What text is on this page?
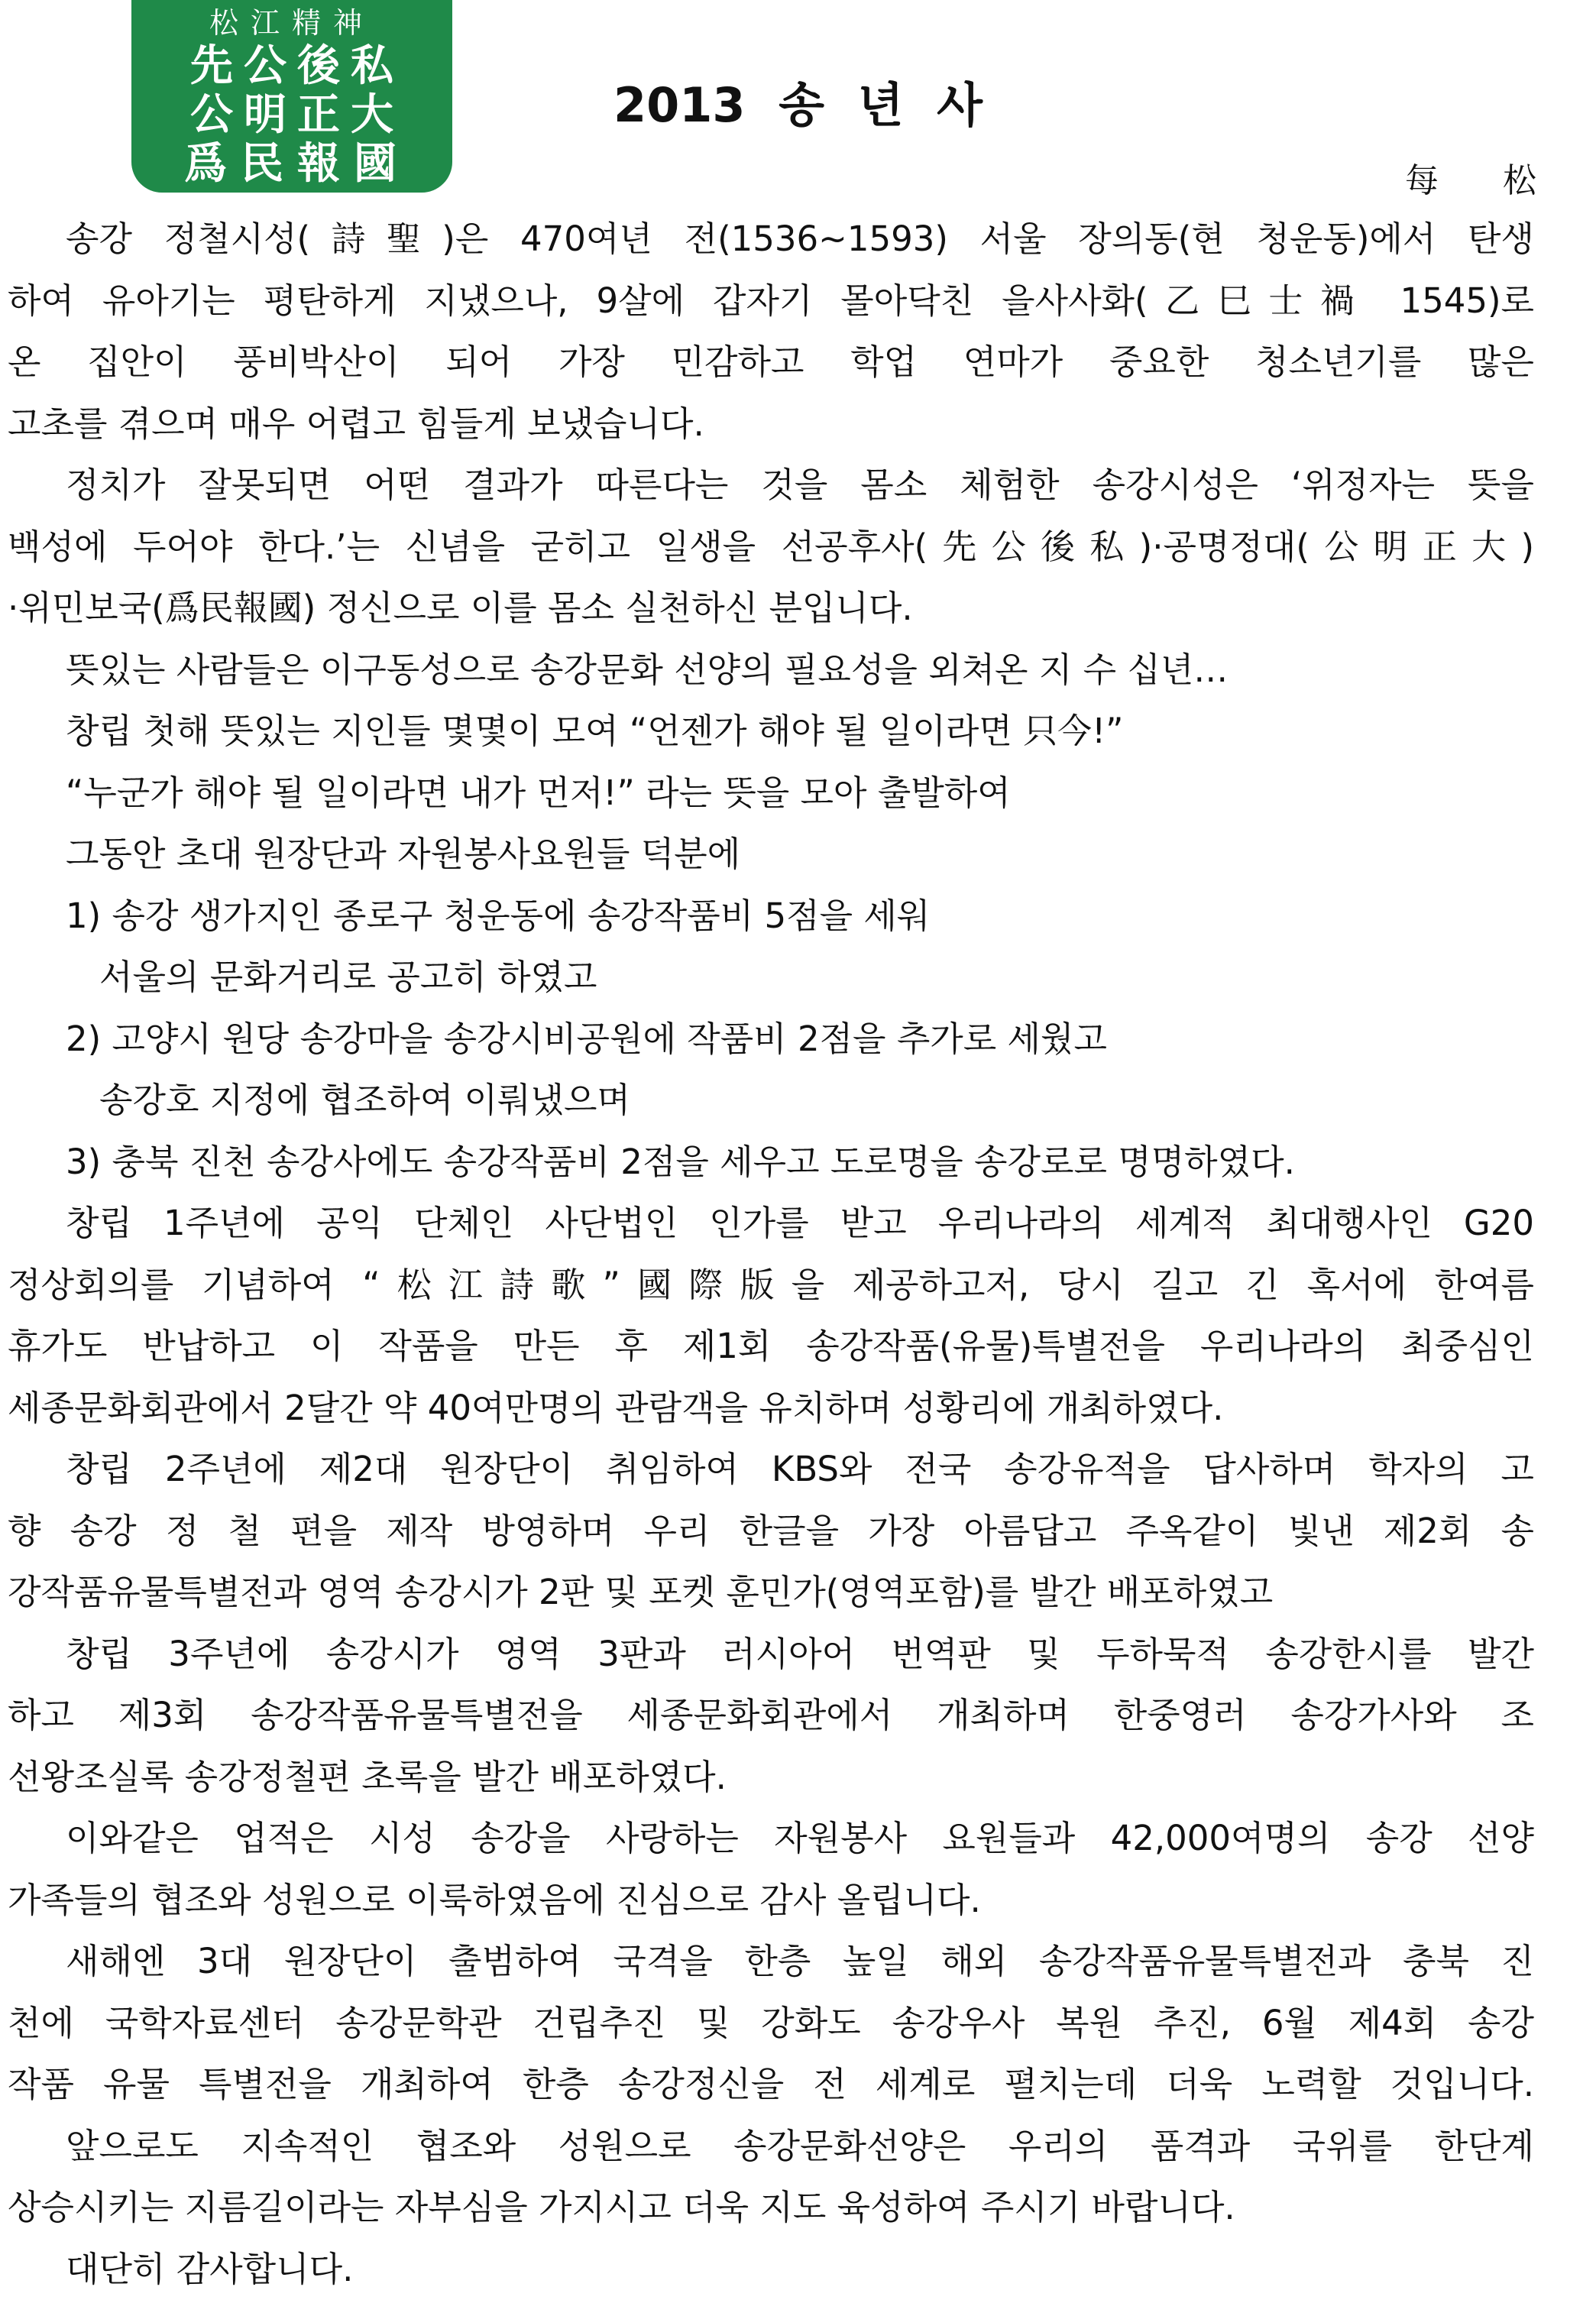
松江精神
先公後私
公明正大
爲民報國
2013 송 년 사
每 松
송강 정철시성(詩聖)은 470여년 전(1536~1593) 서울 장의동(현 청운동)에서 탄생
하여 유아기는 평탄하게 지냈으나, 9살에 갑자기 몰아닥친 을사사화(乙巳士禍 1545)로
온 집안이 풍비박산이 되어 가장 민감하고 학업 연마가 중요한 청소년기를 많은
고초를 겪으며 매우 어렵고 힘들게 보냈습니다.
정치가 잘못되면 어떤 결과가 따른다는 것을 몸소 체험한 송강시성은 ‘위정자는 뜻을
백성에 두어야 한다.’는 신념을 굳히고 일생을 선공후사(先公後私)·공명정대(公明正大)
·위민보국(爲民報國) 정신으로 이를 몸소 실천하신 분입니다.
뜻있는 사람들은 이구동성으로 송강문화 선양의 필요성을 외쳐온 지 수 십년…
창립 첫해 뜻있는 지인들 몇몇이 모여 “언젠가 해야 될 일이라면 只今!”
“누군가 해야 될 일이라면 내가 먼저!” 라는 뜻을 모아 출발하여
그동안 초대 원장단과 자원봉사요원들 덕분에
1) 송강 생가지인 종로구 청운동에 송강작품비 5점을 세워
서울의 문화거리로 공고히 하였고
2) 고양시 원당 송강마을 송강시비공원에 작품비 2점을 추가로 세웠고
송강호 지정에 협조하여 이뤄냈으며
3) 충북 진천 송강사에도 송강작품비 2점을 세우고 도로명을 송강로로 명명하였다.
창립 1주년에 공익 단체인 사단법인 인가를 받고 우리나라의 세계적 최대행사인 G20
정상회의를 기념하여 “松江詩歌”國際版을 제공하고저, 당시 길고 긴 혹서에 한여름
휴가도 반납하고 이 작품을 만든 후 제1회 송강작품(유물)특별전을 우리나라의 최중심인
세종문화회관에서 2달간 약 40여만명의 관람객을 유치하며 성황리에 개최하였다.
창립 2주년에 제2대 원장단이 취임하여 KBS와 전국 송강유적을 답사하며 학자의 고
향 송강 정 철 편을 제작 방영하며 우리 한글을 가장 아름답고 주옥같이 빛낸 제2회 송
강작품유물특별전과 영역 송강시가 2판 및 포켓 훈민가(영역포함)를 발간 배포하였고
창립 3주년에 송강시가 영역 3판과 러시아어 번역판 및 두하묵적 송강한시를 발간
하고 제3회 송강작품유물특별전을 세종문화회관에서 개최하며 한중영러 송강가사와 조
선왕조실록 송강정철편 초록을 발간 배포하였다.
이와같은 업적은 시성 송강을 사랑하는 자원봉사 요원들과 42,000여명의 송강 선양
가족들의 협조와 성원으로 이룩하였음에 진심으로 감사 올립니다.
새해엔 3대 원장단이 출범하여 국격을 한층 높일 해외 송강작품유물특별전과 충북 진
천에 국학자료센터 송강문학관 건립추진 및 강화도 송강우사 복원 추진, 6월 제4회 송강
작품 유물 특별전을 개최하여 한층 송강정신을 전 세계로 펼치는데 더욱 노력할 것입니다.
앞으로도 지속적인 협조와 성원으로 송강문화선양은 우리의 품격과 국위를 한단계
상승시키는 지름길이라는 자부심을 가지시고 더욱 지도 육성하여 주시기 바랍니다.
대단히 감사합니다.
